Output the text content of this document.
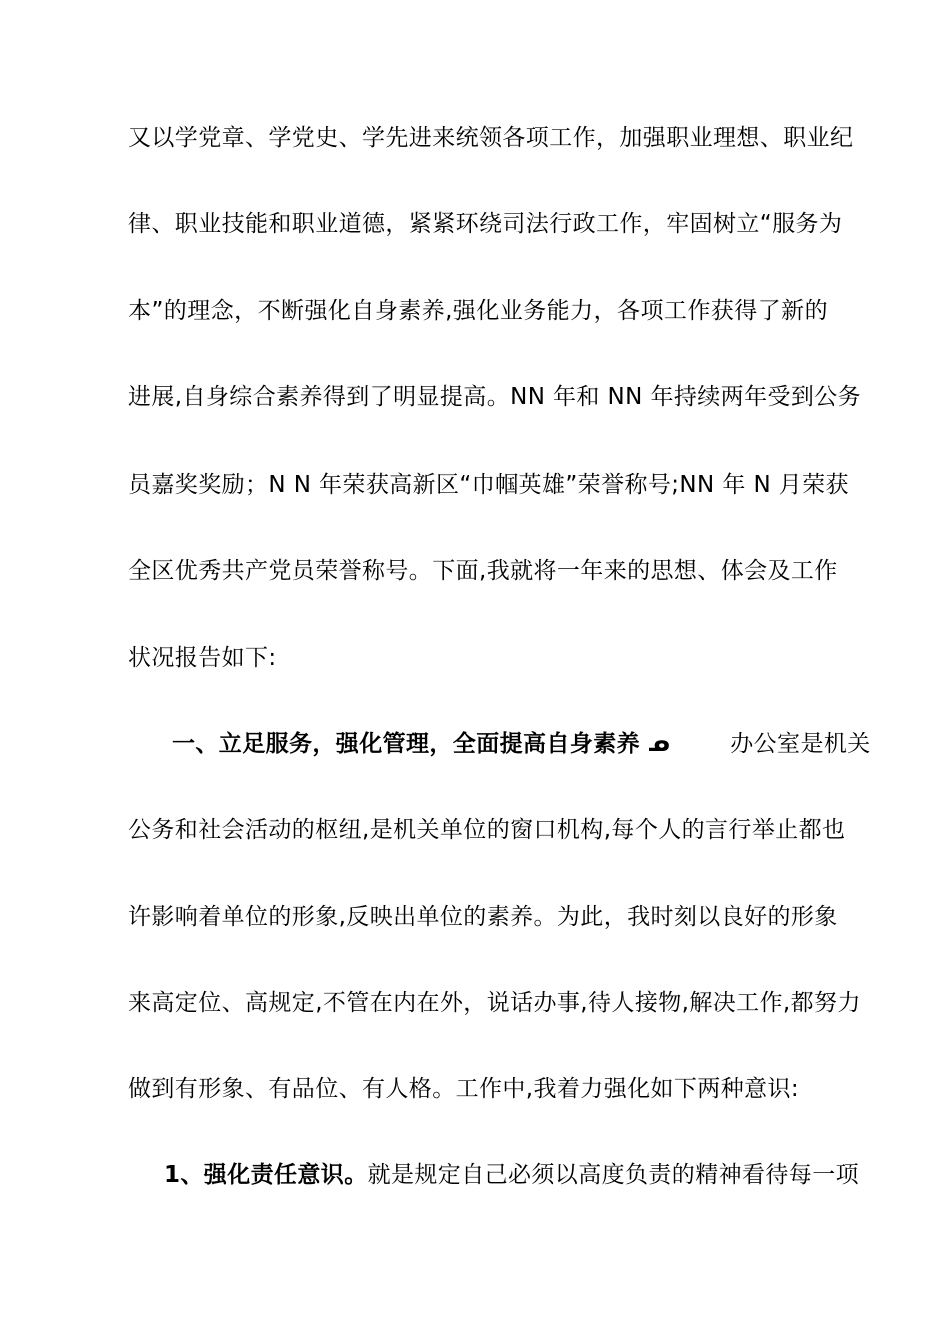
又以学党章、学党史、学先进来统领各项工作，加强职业理想、职业纪
律、职业技能和职业道德，紧紧环绕司法行政工作，牢固树立“服务为
本”的理念，不断强化自身素养,强化业务能力，各项工作获得了新的
进展,自身综合素养得到了明显提高。NN 年和 NN 年持续两年受到公务
员嘉奖奖励；N N 年荣获高新区“巾帼英雄”荣誉称号;NN 年 N 月荣获
全区优秀共产党员荣誉称号。下面,我就将一年来的思想、体会及工作
状况报告如下:
一、立足服务，强化管理，全面提高自身素养 ᓄ	办公室是机关
公务和社会活动的枢纽,是机关单位的窗口机构,每个人的言行举止都也
许影响着单位的形象,反映出单位的素养。为此，我时刻以良好的形象
来高定位、高规定,不管在内在外，说话办事,待人接物,解决工作,都努力
做到有形象、有品位、有人格。工作中,我着力强化如下两种意识:
1、强化责任意识。就是规定自己必须以高度负责的精神看待每一项
